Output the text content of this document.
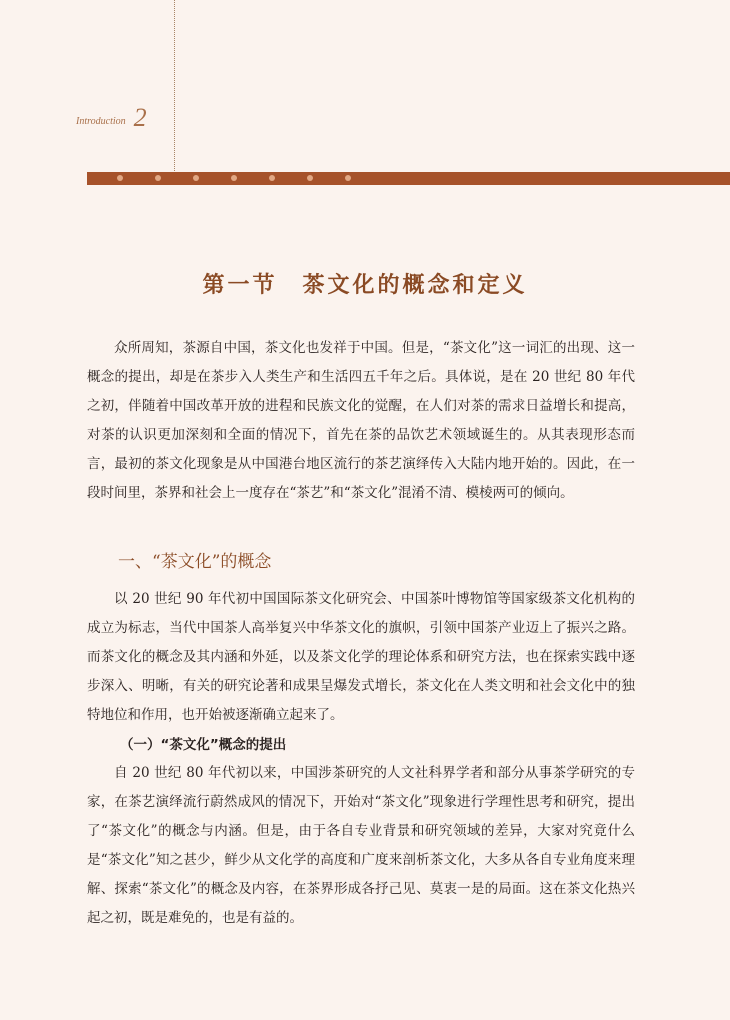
Introduction 2
第一节　茶文化的概念和定义

众所周知，茶源自中国，茶文化也发祥于中国。但是，“茶文化”这一词汇的出现、这一概念的提出，却是在茶步入人类生产和生活四五千年之后。具体说，是在 20 世纪 80 年代之初，伴随着中国改革开放的进程和民族文化的觉醒，在人们对茶的需求日益增长和提高，对茶的认识更加深刻和全面的情况下，首先在茶的品饮艺术领域诞生的。从其表现形态而言，最初的茶文化现象是从中国港台地区流行的茶艺演绎传入大陆内地开始的。因此，在一段时间里，茶界和社会上一度存在“茶艺”和“茶文化”混淆不清、模棱两可的倾向。

一、“茶文化”的概念

以 20 世纪 90 年代初中国国际茶文化研究会、中国茶叶博物馆等国家级茶文化机构的成立为标志，当代中国茶人高举复兴中华茶文化的旗帜，引领中国茶产业迈上了振兴之路。而茶文化的概念及其内涵和外延，以及茶文化学的理论体系和研究方法，也在探索实践中逐步深入、明晰，有关的研究论著和成果呈爆发式增长，茶文化在人类文明和社会文化中的独特地位和作用，也开始被逐渐确立起来了。

（一）“茶文化”概念的提出

自 20 世纪 80 年代初以来，中国涉茶研究的人文社科界学者和部分从事茶学研究的专家，在茶艺演绎流行蔚然成风的情况下，开始对“茶文化”现象进行学理性思考和研究，提出了“茶文化”的概念与内涵。但是，由于各自专业背景和研究领域的差异，大家对究竟什么是“茶文化”知之甚少，鲜少从文化学的高度和广度来剖析茶文化，大多从各自专业角度来理解、探索“茶文化”的概念及内容，在茶界形成各抒己见、莫衷一是的局面。这在茶文化热兴起之初，既是难免的，也是有益的。
